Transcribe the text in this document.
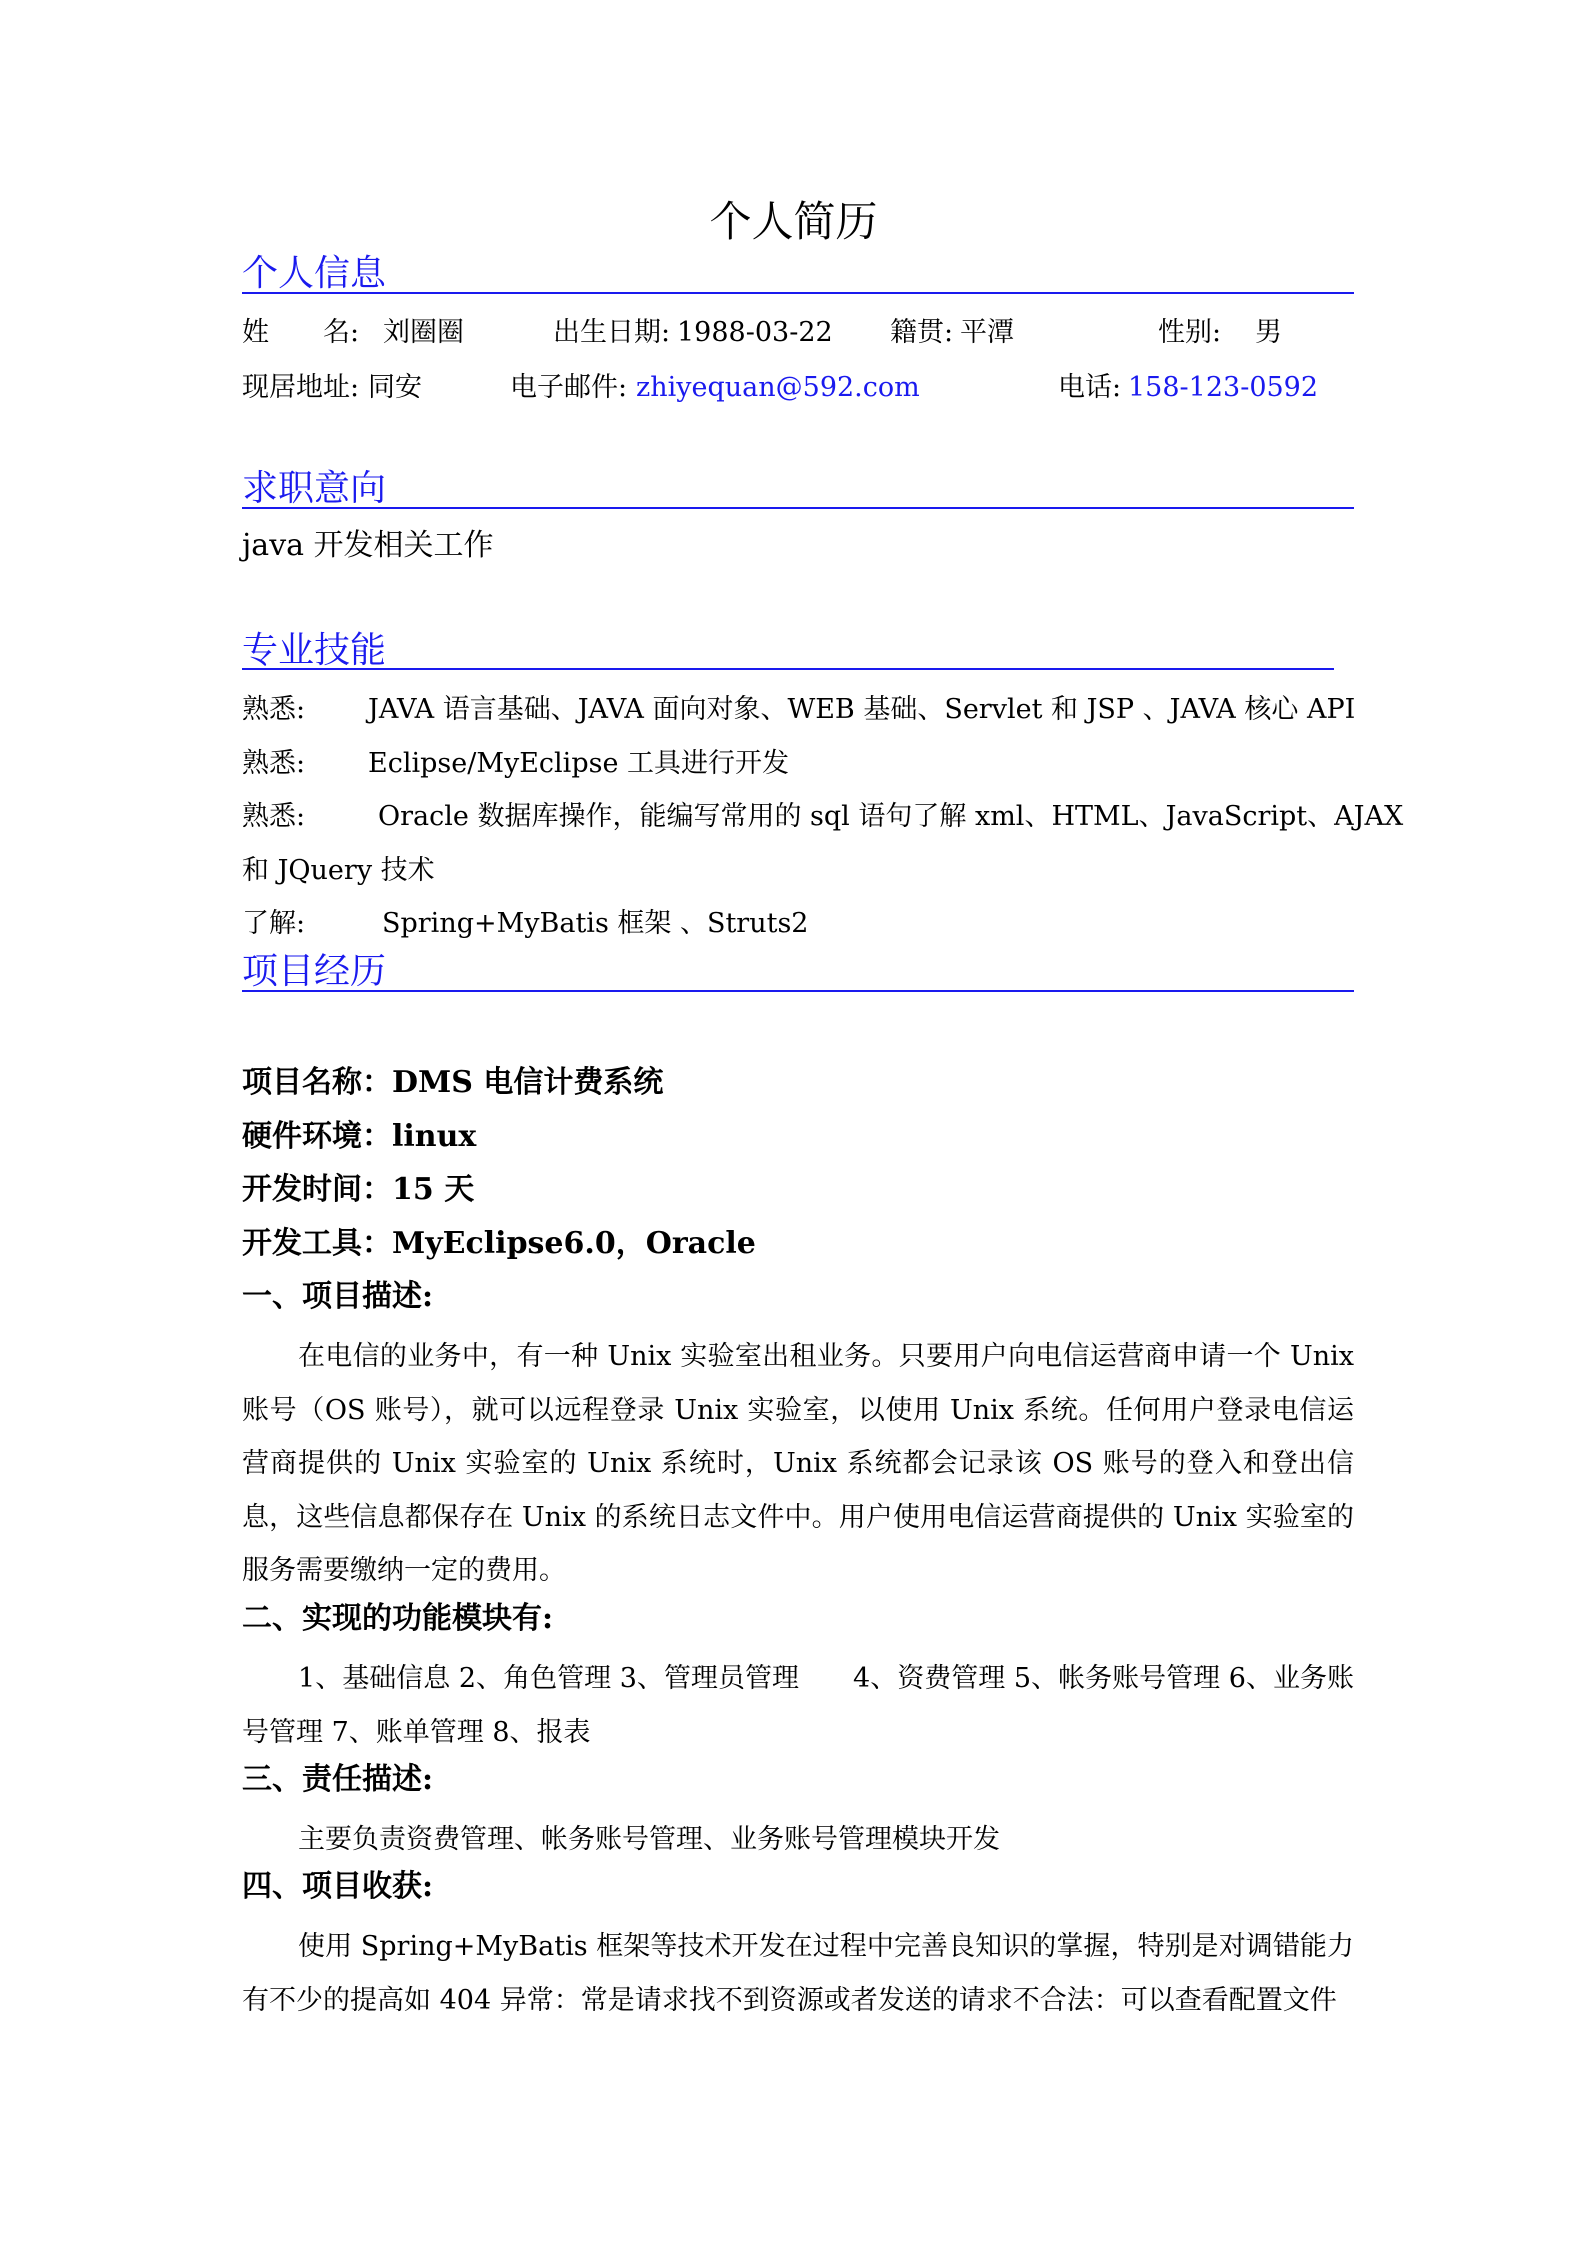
个人简历
个人信息
姓　　名: 刘圈圈	出生日期: 1988-03-22 籍贯: 平潭	性别: 男
现居地址: 同安	电子邮件: zhiyequan@592.com	电话: 158-123-0592
求职意向
java 开发相关工作
专业技能
熟悉: JAVA 语言基础、JAVA 面向对象、WEB 基础、Servlet 和 JSP 、JAVA 核心 API
熟悉: Eclipse/MyEclipse 工具进行开发
熟悉:	Oracle 数据库操作，能编写常用的 sql 语句了解 xml、HTML、JavaScript、AJAX
和 JQuery 技术
了解:	Spring+MyBatis 框架 、Struts2
项目经历
项目名称：DMS 电信计费系统
硬件环境：linux
开发时间：15 天
开发工具：MyEclipse6.0，Oracle
一、项目描述:
在电信的业务中，有一种 Unix 实验室出租业务。只要用户向电信运营商申请一个 Unix 账号（OS 账号），就可以远程登录 Unix 实验室，以使用 Unix 系统。任何用户登录电信运营商提供的 Unix 实验室的 Unix 系统时，Unix 系统都会记录该 OS 账号的登入和登出信息，这些信息都保存在 Unix 的系统日志文件中。用户使用电信运营商提供的 Unix 实验室的服务需要缴纳一定的费用。
二、实现的功能模块有:
1、基础信息 2、角色管理 3、管理员管理　　4、资费管理 5、帐务账号管理 6、业务账号管理 7、账单管理 8、报表
三、责任描述:
主要负责资费管理、帐务账号管理、业务账号管理模块开发
四、项目收获:
使用 Spring+MyBatis 框架等技术开发在过程中完善良知识的掌握，特别是对调错能力有不少的提高如 404 异常：常是请求找不到资源或者发送的请求不合法：可以查看配置文件
